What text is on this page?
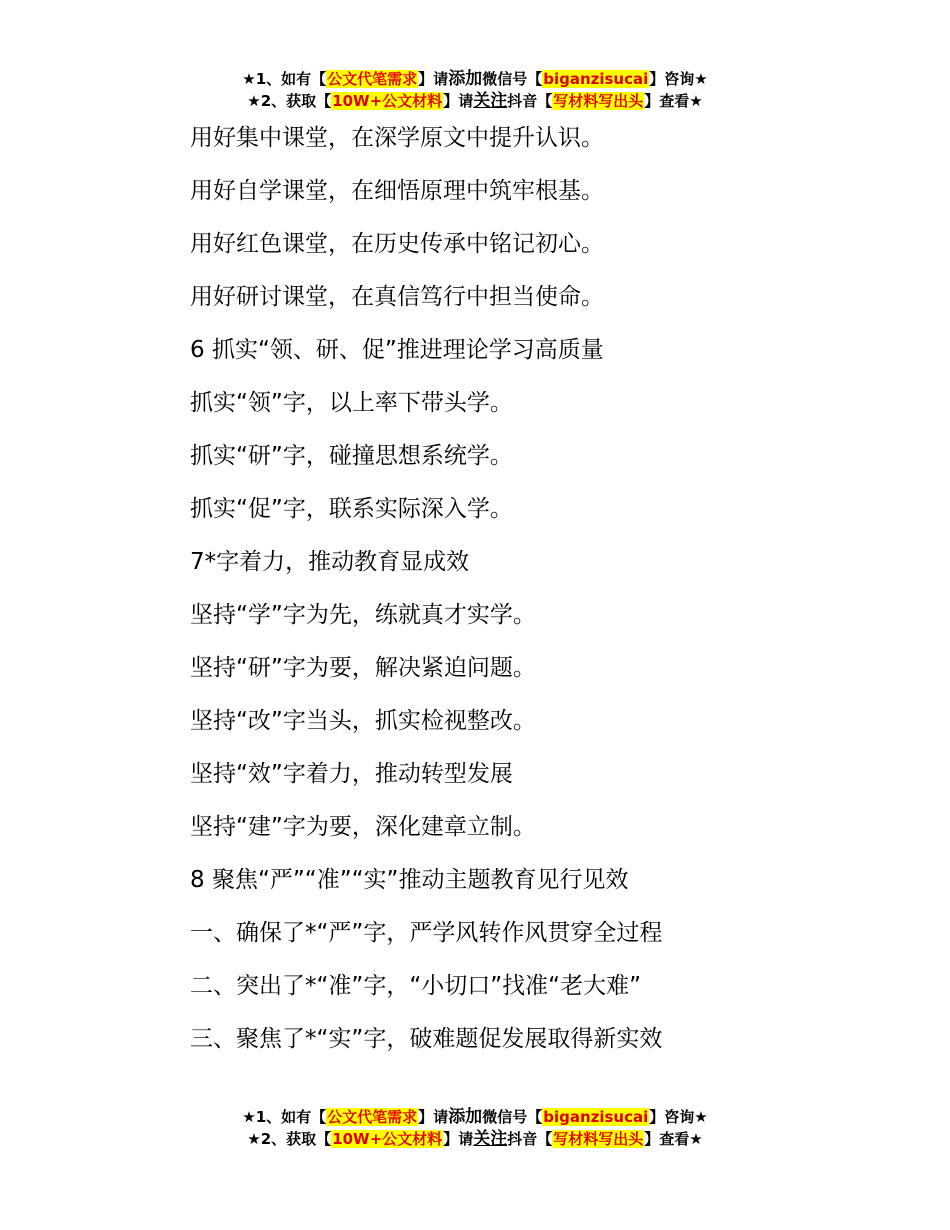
★1、如有【公文代笔需求】请添加微信号【biganzisucai】咨询★
★2、获取【10W+公文材料】请关注抖音【写材料写出头】查看★
用好集中课堂，在深学原文中提升认识。
用好自学课堂，在细悟原理中筑牢根基。
用好红色课堂，在历史传承中铭记初心。
用好研讨课堂，在真信笃行中担当使命。
6 抓实“领、研、促”推进理论学习高质量
抓实“领”字，以上率下带头学。
抓实“研”字，碰撞思想系统学。
抓实“促”字，联系实际深入学。
7*字着力，推动教育显成效
坚持“学”字为先，练就真才实学。
坚持“研”字为要，解决紧迫问题。
坚持“改”字当头，抓实检视整改。
坚持“效”字着力，推动转型发展
坚持“建”字为要，深化建章立制。
8 聚焦“严”“准”“实”推动主题教育见行见效
一、确保了*“严”字，严学风转作风贯穿全过程
二、突出了*“准”字，“小切口”找准“老大难”
三、聚焦了*“实”字，破难题促发展取得新实效
★1、如有【公文代笔需求】请添加微信号【biganzisucai】咨询★
★2、获取【10W+公文材料】请关注抖音【写材料写出头】查看★
